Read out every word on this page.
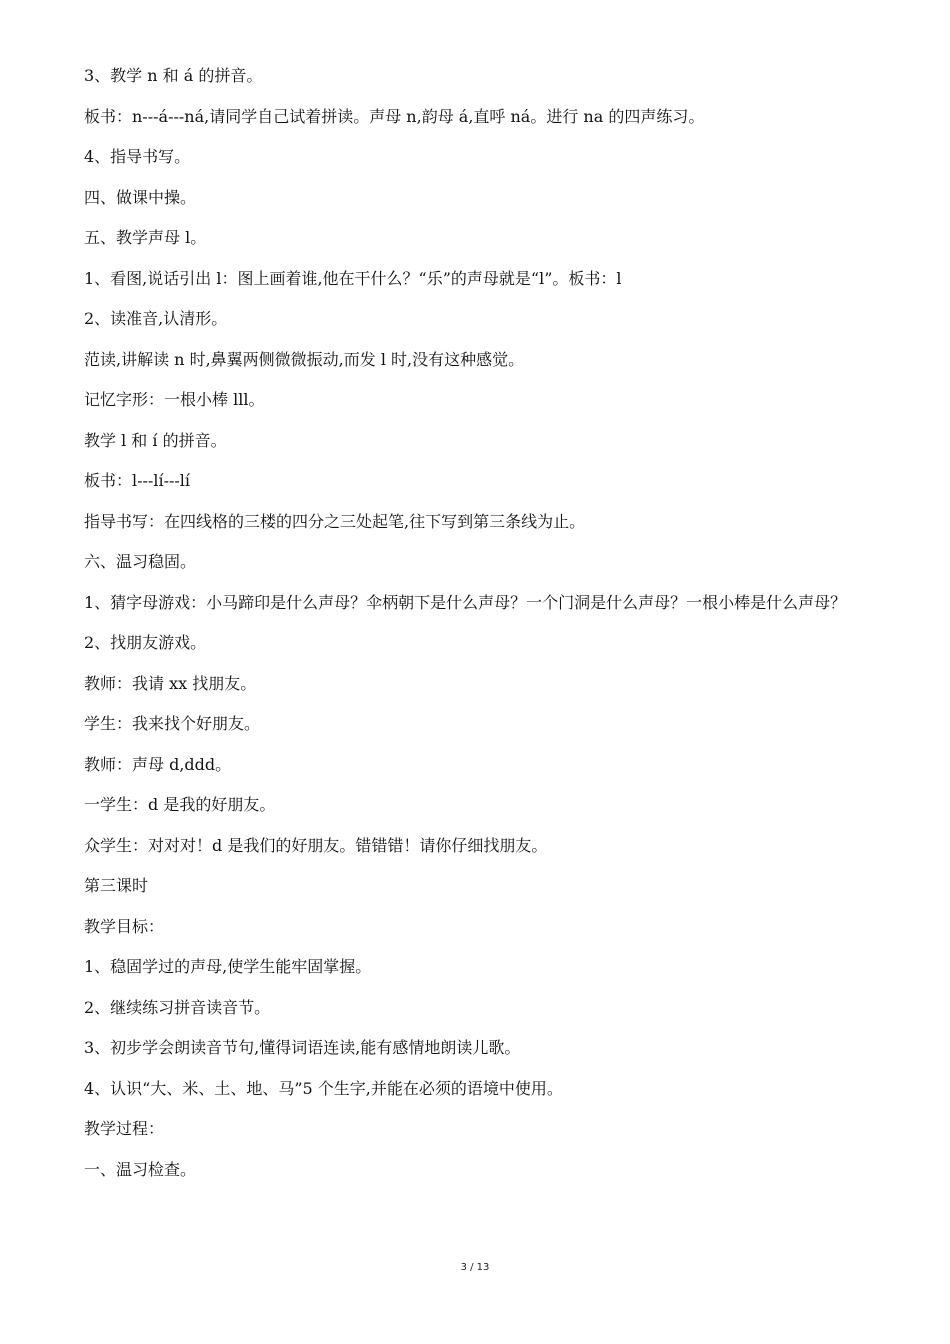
3、教学 n 和 á 的拼音。

板书：n---á---ná,请同学自己试着拼读。声母 n,韵母 á,直呼 ná。进行 na 的四声练习。

4、指导书写。

四、做课中操。

五、教学声母 l。

1、看图,说话引出 l：图上画着谁,他在干什么？“乐”的声母就是“l”。板书：l

2、读准音,认清形。

范读,讲解读 n 时,鼻翼两侧微微振动,而发 l 时,没有这种感觉。

记忆字形：一根小棒 lll。

教学 l 和 í 的拼音。

板书：l---lí---lí

指导书写：在四线格的三楼的四分之三处起笔,往下写到第三条线为止。

六、温习稳固。

1、猜字母游戏：小马蹄印是什么声母？伞柄朝下是什么声母？一个门洞是什么声母？一根小棒是什么声母？

2、找朋友游戏。

教师：我请 xx 找朋友。

学生：我来找个好朋友。

教师：声母 d,ddd。

一学生：d 是我的好朋友。

众学生：对对对！d 是我们的好朋友。错错错！请你仔细找朋友。

第三课时

教学目标：

1、稳固学过的声母,使学生能牢固掌握。

2、继续练习拼音读音节。

3、初步学会朗读音节句,懂得词语连读,能有感情地朗读儿歌。

4、认识“大、米、土、地、马”5 个生字,并能在必须的语境中使用。

教学过程：

一、温习检查。

3 / 13
